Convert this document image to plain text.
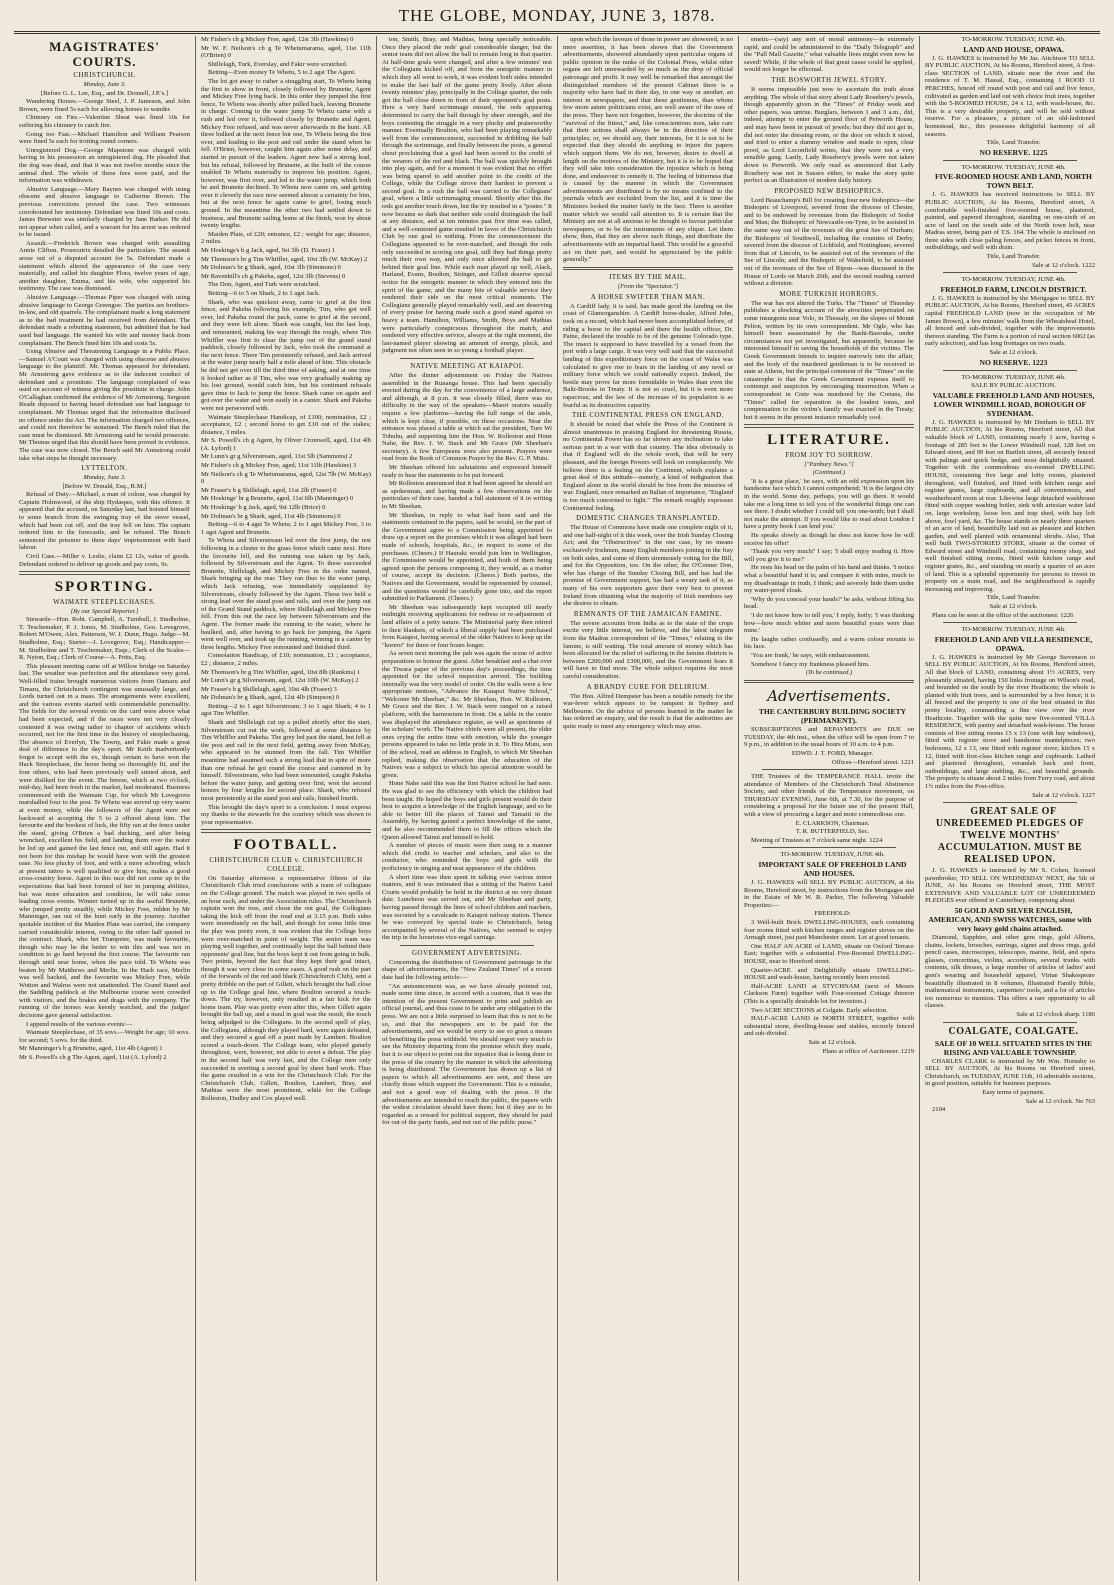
THE GLOBE, MONDAY, JUNE 3, 1878.
MAGISTRATES' COURTS.
CHRISTCHURCH.
Monday, June 3.

[Before G. L. Lee, Esq., and Dr. Donnell, J.P.'s.]

Wandering Horses.—George Steel, J. P. Jameson, and John Brown, were fined 5s each for allowing horses to wander.

Chimney on Fire.—Valentine Sheat was fined 10s for suffering his chimney to catch fire.

Going too Fast.—Michael Hamilton and William Pearson were fined 5s each for trotting round corners.

Unregistered Dog.—George Mapstone was charged with having in his possession an unregistered dog. He pleaded that the dog was dead, and that it was not twelve months since the animal died. The whole of these fees were paid, and the information was withdrawn.

Abusive Language.—Mary Baynes was charged with using obscene and abusive language to Catherine Brown. The previous convictions proved the case. Two witnesses corroborated her testimony. Defendant was fined 10s and costs. James Brewster was similarly charged by Jane Barker. He did not appear when called, and a warrant for his arrest was ordered to be issued.

Assault.—Frederick Brown was charged with assaulting Annie Clifton. Prosecutrix detailed the particulars. The assault arose out of a disputed account for 5s. Defendant made a statement which altered the appearance of the case very materially, and called his daughter Flora, twelve years of age, another daughter, Emma, and his wife, who supported his testimony. The case was dismissed.

Abusive Language.—Thomas Piper was charged with using abusive language to George Greengoe. The parties are brothers-in-law, and old quarrels. The complainant made a long statement as to the bad treatment he had received from defendant. The defendant made a rebutting statement, but admitted that he had used bad language. He wanted his wife and money back from complainant. The Bench fined him 10s and costs 5s.

Using Abusive and Threatening Language in a Public Place.—Samuel A'Court was charged with using obscene and abusive language to the plaintiff. Mr. Thomas appeared for defendant. Mr Armstrong gave evidence as to the indecent conduct of defendant and a prostitute. The language complained of was used on account of witness giving the prostitute in charge. John O'Callaghan confirmed the evidence of Mr Armstrong. Sergeant Reade deposed to having heard defendant use bad language to complainant. Mr Thomas urged that the information disclosed no offence under the Act. The information charged two offences, and could not therefore be sustained. The Bench ruled that the case must be dismissed. Mr Armstrong said he would prosecute. Mr Thomas urged that this should have been proved in evidence. The case was now closed. The Bench said Mr Armstrong could take what steps he thought necessary.

LYTTELTON.
Monday, June 3.

[Before W. Donald, Esq., R.M.]

Refusal of Duty.—Michael, a man of colour, was charged by Captain Holmwood, of the ship Hydaspes, with this offence. It appeared that the accused, on Saturday last, had hoisted himself to some branch from the swinging tray of the stove vessel, which had been cut off, and the tray fell on him. The captain ordered him to the forecastle, and he refused. The Bench sentenced the prisoner to three days' imprisonment with hard labour.

Civil Case.—Miller v. Leslie, claim £2 12s, value of goods. Defendant ordered to deliver up goods and pay costs, 9s.

SPORTING.
WAIMATE STEEPLECHASES.
[By our Special Reporter.]

Stewards—Hon. Robt. Campbell, A. Turnbull, J. Studholme, T. Teschemaker, P. J. Jones, M. Studholme, Geo. Lovegrove, Robert M'Owen, Alex. Patterson, W. J. Dunn, Hugo. Judge—M. Studholme, Esq.; Starter—J. Lovegrove, Esq.; Handicapper—M. Studholme and T. Teschemaker, Esqs.; Clerk of the Scales—R. Nyton, Esq.; Clerk of Course—A. Potts, Esq.

This pleasant meeting came off at Willow bridge on Saturday last. The weather was perfection and the attendance very good. Well-filled trains brought numerous visitors from Oamaru and Timaru, the Christchurch contingent was unusually large, and Lords turned out in a mass. The arrangements were excellent, and the various events started with commendable punctuality. The fields for the several events on the card were above what had been expected, and if the races were not very closely contested it was owing rather to chapter of accidents which occurred, not for the first time in the history of steeplechasing. The absence of Everlyn, The Tawny, and Fakir made a great deal of difference to the day's sport. Mr Keith inadvertently forgot to accept with the ex, though certain to have won the Hack Steeplechase, the horse being so thoroughly fit, and the four others, who had been previously well sinned about, and were disliked for the event. The breeze, which at two o'clock, mid-day, had been fresh in the market, had moderated. Business commenced with the Waimate Cup, for which Mr Lovegrove marshalled four to the post. Te Whetu was served up very warm at even money, while the followers of the Agent were not backward at accepting the 5 to 2 offered about him. The favourite and the bookest of luck, the fifty ran at the fence under the stand, giving O'Brien a bad ducking, and after being wrenched, excellent his field, and landing them over the water he led up and gained the last fence out, and still again. Had it not been for this mishap he would have won with the greatest ease. No less plucky of foot, and with a more schooling, which at present tattoo is well qualified to give him, makes a good cross-country horse. Agent in this race did not come up to the expectations that had been formed of her in jumping abilities, but was more education and condition, he will take some leading cross events. Winner turned up in the useful Brunette, who jumped pretty steadily, while Mickey Free, ridden by Mr Manninger, ran out of the hunt early in the journey. Another quotable incident of the Maiden Plate was carried, the company carried considerable interest, owing to the other half quoted in the contract. Shark, who bet Trumpeter, was made favourite, though who may be the better to win this and was not in condition to go hard beyond the first course. The favourite ran through until near home, when the pace told. Te Whetu was beaten by Mr Matthews and Merlin. In the Hack race, Merlin was well backed, and the favourite was Mickey Free, while Wotton and Walrus were not unattended. The Grand Stand and the Saddling paddock at the Melbourne course were crowded with visitors, and the brakes and drags with the company. The running of the horses was keenly watched, and the judges' decisions gave general satisfaction.

I append results of the various events:—

Waimate Steeplechase, of 35 sovs.—Weight for age; 10 sovs. for second; 5 sovs. for the third.

Mr Manninger's b g Brunette, aged, 11st 4lb (Agent) 1

Mr S. Powell's ch g The Agent, aged, 11st (A. Lyford) 2

Mr Fisher's ch g Mickey Free, aged, 12st 3lb (Hawkins) 0

Mr W. F. Neilson's ch g Te Whetumarama, aged, 11st 11lb (O'Brien) 0

Shillelagh, Turk, Everslay, and Fakir were scratched.

Betting—Even money Te Whetu, 5 to 2 agst The Agent.

The lot got away to rather a straggling start, Te Whetu being the first to show in front, closely followed by Brunette, Agent and Mickey Free lying back. In this order they jumped the first fence, Te Whetu was shortly after pulled back, leaving Brunette in charge. Coming to the water jump Te Whetu came with a rush and led over it, followed closely by Brunette and Agent, Mickey Free refused, and was never afterwards in the hunt. All three bulked at the next fence but one, Te Whetu being the first over, and leading to the post and rail under the stand when he fell. O'Brien, however, caught him again after some delay, and started in pursuit of the leaders. Agent now had a strong lead, but his refusal, followed by Brunette, at the built of the course enabled Te Whetu materially to improve his position. Agent, however, was first over, and led to the water jump, which both he and Brunette declined. Te Whetu now came on, and getting over it cleverly the race now seemed almost a certainty for him, but at the next fence he again came to grief, losing much ground. In the meantime the other two had settled down to business, and Brunette sailing home at the finish, won by about twenty lengths.

Maiden Plate, of £20; entrance, £2 ; weight for age; distance, 2 miles.

Mr Hoskings's b g Jack, aged, 9st 3lb (D. Fraser) 1

Mr Thomson's br g Tim Whiffler, aged, 10st 3lb (W. McKay) 2

Mr Dolman's br g Shark, aged, 10st 3lb (Simmons) 0

Mr Ravenhill's ch g Pakeha, aged, 12st 3lb (Stevens) 0

The Don, Agent, and Turk were scratched.

Betting—6 to 5 on Shark, 2 to 1 agst Jack.

Shark, who was quickest away, came to grief at the first fence, and Pakeha following his example, Tim, who got well over, led Pakeha round the pack, came to grief at the second, and they were left alone. Shark was caught, but the last leap, and remounted, making his way through the rough, where Tim Whiffler was first to clear the jump out of the grand stand paddock, closely followed by Jack, who took the command at the next fence. There Tim persistently refused, and Jack arrived at the water jump nearly half a mile ahead of him. This obstacle he did not get over till the third time of asking, and at one time it looked rather as if Tim, who was very gradually making up his lost ground, would catch him, but his continued refusals gave time to Jack to jump the fence. Shark came on again and got over the water and won easily in a canter. Shark and Pakeha were not persevered with.

Waimate Steeplechase Handicap, of £100; nomination, £2 ; acceptance, £2 ; second horse to get £10 out of the stakes; distance, 3 miles.

Mr S. Powell's ch g Agent, by Oliver Cromwell, aged, 11st 4lb (A. Lyford) 1

Mr Lunn's gr g Silverstream, aged, 11st 5lb (Sammons) 2

Mr Fisher's ch g Mickey Free, aged, 11st 11lb (Hawkins) 3

Mr Neilson's ch g Te Whetumarama, aged, 12st 7lb (W. McKay) 0

Mr Fraser's b g Shillelagh, aged, 11st 2lb (Fraser) 0

Mr Hoskings' br g Brunette, aged, 11st 6lb (Manninger) 0

Mr Hoskings' b g Jack, aged, 9st 12lb (Brice) 0

Mr Dolman's br g Shark, aged, 11st 4lb (Simmons) 0

Betting—6 to 4 agst Te Whetu; 2 to 1 agst Mickey Free, 3 to 1 agst Agent and Brunette.

Te Whetu and Silverstream led over the first jump, the rest following in a cluster to the grass fence which came next. Here the favourite fell, and the running was taken up by Jack, followed by Silverstream and the Agent. To these succeeded Brunette, Shillelagh, and Mickey Free in the order named, Shark bringing up the rear. They ran thus to the water jump, which Jack refusing, was immediately supplanted by Silverstream, closely followed by the Agent. These two held a strong lead over the stand post and rails, and over the jump out of the Grand Stand paddock, where Shillelagh and Mickey Free fell. From this out the race lay between Silverstream and the Agent. The former made the running to the water, where he baulked, and, after having to go back for jumping, the Agent went well over, and took up the running, winning in a canter by three lengths. Mickey Free remounted and finished third.

Consolation Handicap, of £10; nomination, £1 ; acceptance, £2 ; distance, 2 miles.

Mr Thomson's br g Tim Whiffler, aged, 10st 8lb (Rankins) 1

Mr Lunn's gr g Silverstream, aged, 12st 10lb (W. McKay) 2

Mr Fraser's b g Shillelagh, aged, 10st 4lb (Fraser) 3

Mr Dolman's br g Shark, aged, 12st 4lb (Simpson) 0

Betting—2 to 1 agst Silverstream; 3 to 1 agst Shark; 4 to 1 agst Tim Whiffler.

Shark and Shillelagh cut up a pulled shortly after the start, Silverstream cut out the work, followed at some distance by Tim Whiffler and Pakeha. The grey led past the stand, but fell at the post and rail in the next field, getting away from McKay, who appeared to be stunned from the fall. Tim Whiffler meantime had assumed such a strong lead that in spite of more than one refusal he got round the course and cantered in by himself. Silverstream, who had been remounted, caught Pakeha before the water jump, and getting over first, won the second honors by four lengths for second place. Shark, who refused most persistently at the stand post and rails, finished fourth.

This brought the day's sport to a conclusion. I must express my thanks to the stewards for the courtesy which was shown to your representative.

FOOTBALL.
CHRISTCHURCH CLUB v. CHRISTCHURCH COLLEGE.

On Saturday afternoon a representative fifteen of the Christchurch Club tried conclusions with a team of collegians on the College ground. The match was played in two spells of an hour each, and under the Association rules. The Christchurch captain won the toss, and chose the out goal, the Collegians taking the kick off from the road end at 3.15 p.m. Both sides were immediately on the ball, and though for some little time the play was pretty even, it was evident that the College boys were over-matched in point of weight. The senior team was playing well together, and continually kept the ball behind their opponents' goal line, but the boys kept it out from going in bulk. Two points, beyond the fact that they kept their goal intact, though it was very close in some cases. A good rush on the part of the forwards of the red and black (Christchurch Club), sent a pretty dribble on the part of Gillett, which brought the ball close up to the College goal line, where Boulton secured a touch-down. The try, however, only resulted in a fair kick for the home team. Play was pretty even after this, when Gillett again brought the ball up, and a maul in goal was the result, the touch being adjudged to the Collegians. In the second spell of play, the Collegians, although they played hard, were again defeated, and they secured a goal off a punt made by Lambert. Boulton scored a touch-down. The College team, who played gamely throughout, were, however, not able to avert a defeat. The play in the second half was very fast, and the College men only succeeded in averting a second goal by sheer hard work. Thus the game resulted in a win for the Christchurch Club. For the Christchurch Club, Gillett, Boulton, Lambert, Bray, and Mathias were the most prominent, while for the College Rolleston, Dudley and Cox played well.

ton, Smith, Bray, and Mathias, being specially noticeable. Once they placed the reds' goal considerable danger, but the senior team did not allow the ball to remain long in that quarter. At half-time goals were changed, and after a few minutes' rest the Collegians kicked off, and from the energetic manner in which they all went to work, it was evident both sides intended to make the last half of the game pretty lively. After about twenty minutes' play, principally in the College quarter, the reds got the ball close down in front of their opponent's goal posts. Here a very hard scrimmage ensued, the reds appearing determined to carry the ball through by sheer strength, and the boys contesting the struggle in a very plucky and praiseworthy manner. Eventually Boulton, who had been playing remarkably well from the commencement, succeeded in dribbling the ball through the scrimmage, and finally between the posts, a general shout proclaiming that a goal had been scored to the credit of the wearers of the red and black. The ball was quickly brought into play again, and for a moment it was evident that no effort was being spared to add another point to the credit of the College, while the College strove their hardest to prevent a second goal. In a rush the ball was carried to the Collegians' goal, where a little scrimmaging ensued. Shortly after this the reds got another touch down, but the try resulted in a "poster." It now became so dark that neither side could distinguish the ball at any distance, and at ten minutes past five time was called, and a well-contested game resulted in favor of the Christchurch Club by one goal to nothing. From the commencement the Collegians appeared to be over-matched, and though the reds only succeeded in scoring one goal, still they had things pretty much their own way, and only once allowed the ball to get behind their goal line. While each man played up well, Alack, Harland, Evans, Boulton, Stringer, and Gillett deserve special notice for the energetic manner in which they entered into the spirit of the game, and the many bits of valuable service they rendered their side on the most critical moments. The Collegians generally played remarkably well, and are deserving of every praise for having made such a good stand against so heavy a team. Hamilton, Williams, Smith, Boys and Mathias were particularly conspicuous throughout the match, and rendered very effective service, always at the right moment, the last-named player showing an amount of energy, pluck, and judgment not often seen in so young a football player.

NATIVE MEETING AT KAIAPOI.

After the dinner adjournment on Friday the Natives assembled in the Runanga house. This had been specially erected during the day for the convenience of a large audience, and although, at 8 p.m. it was closely filled, there was no difficulty in the way of the speakers—Maori orators usually require a few platforms—having the full range of the aisle, which is kept clear, if possible, on these occasions. Near the entrance was placed a table at which sat the president, Ture Wi Tohuhu, and supporting him the Hon. W. Rolleston and Hone Nahe, the Rev. J. W. Stack and Mr Grace (Mr Sheehan's secretary). A few Europeans were also present. Prayers were read from the Book of Common Prayer by the Rev. G. P. Mutu.

Mr Sheehan offered his salutations and expressed himself ready to hear the statements to be put forward.

Mr Rolleston announced that it had been agreed he should act as spokesman, and having made a few observations on the particulars of their case, handed a full statement of it in writing to Mr Sheehan.

Mr Sheehan, in reply to what had been said and the statements contained in the papers, said he would, on the part of the Government agree to a Commission being appointed to draw up a report on the promises which it was alleged had been made of schools, hospitals, &c., in respect to some of the purchases. (Cheers.) If Hauraki would join him in Wellington, the Commission would be appointed, and both of them being agreed upon the persons composing it, they would, as a matter of course, accept its decision. (Cheers.) Both parties, the Natives and the Government, would be represented by counsel, and the questions would be carefully gone into, and the report submitted to Parliament. (Cheers.)

Mr Sheehan was subsequently kept occupied till nearly midnight receiving applications for redress or re-adjustment of land affairs of a petty nature. The Ministerial party then retired to their blankets, of which a liberal supply had been purchased from Kaiapoi, having several of the older Natives to keep up the "korero" for three or four hours longer.

As seven next morning the pah was again the scene of active preparations to honour the guest. After breakfast and a chat over the Tiwara paper of the previous day's proceedings, the time appointed for the school inspection arrived. The building internally was the very model of order. On the walls were a few appropriate mottoes, "Advance the Kaiapoi Native School," "Welcome Mr Sheehan," &c. Mr Sheehan, Hon. W. Rolleston, Mr Grace and the Rev. J. W. Stack were ranged on a raised platform, with the harmonium in front. On a table in the centre was displayed the attendance register, as well as specimens of the scholars' work. The Native chiefs were all present, the elder ones crying the entire time with emotion, while the younger persons appeared to take no little pride in it. To Hira Mutu, son of the school, read an address in English, to which Mr Sheehan replied, making the observation that the education of the Natives was a subject to which his special attention would be given.

Hone Nahe said this was the first Native school he had seen. He was glad to see the efficiency with which the children had been taught. He hoped the boys and girls present would do their best to acquire a knowledge of the English language, and so be able to better fill the places of Tainui and Tamaiti in the Assembly, by having gained a perfect knowledge of the same, and he also recommended them to fill the offices which the Queen allowed Tainui and himself to hold.

A number of pieces of music were then sung in a manner which did credit to teacher and scholars, and also to the conductor, who reminded the boys and girls with the proficiency in singing and neat appearance of the children.

A short time was then spent in talking over various minor matters, and it was intimated that a sitting of the Native Land Courts would probably be held in the district at no very distant date. Luncheon was served out, and Mr Sheehan and party, having passed through the lines of school children and teachers, was escorted by a cavalcade to Kaiapoi railway station. Thence he was conveyed by special train to Christchurch, being accompanied by several of the Natives, who seemed to enjoy the trip in the luxurious vice-regal carriage.

GOVERNMENT ADVERTISING.

Concerning the distribution of Government patronage in the shape of advertisements, the "New Zealand Times" of a recent date had the following article:—

"An announcement was, as we have already pointed out, made some time since, in accord with a custom, that it was the intention of the present Government to print and publish an official journal, and thus cease to be under any obligation to the press. We are not a little surprised to learn that this is not to be so, and that the newspapers are to be paid for the advertisements, and we would be sorry to see so great a means of benefiting the press withheld. We should regret very much to see the Ministry departing from the promise which they made, but it is our object to point out the injustice that is being done to the press of the country by the manner in which the advertising is being distributed. The Government has drawn up a list of papers to which all advertisements are sent, and these are chiefly those which support the Government. This is a mistake, and not a good way of dealing with the press. If the advertisements are intended to reach the public, the papers with the widest circulation should have them; but if they are to be regarded as a reward for political support, they should be paid for out of the party funds, and not out of the public purse."

upon which the favours of those in power are showered, is no mere assertion, it has been shown that the Government advertisements, showered abundantly upon particular organs of public opinion in the ranks of the Colonial Press, whilst other organs are left unrewarded by so much as the drop of official patronage and profit. It may well be remarked that amongst the distinguished members of the present Cabinet there is a majority who have had in their day, in one way or another, an interest in newspapers, and that these gentlemen, than whom few more astute politicians exist, are well aware of the uses of the press. They have not forgotten, however, the doctrine of the "survival of the fittest," and, like conscientious men, take care that their actions shall always be in the direction of their principles; or, we should say, their interests, for it is not to be expected that they should do anything to injure the papers which support them. We do not, however, desire to dwell at length on the motives of the Ministry, but it is to be hoped that they will take into consideration the injustice which is being done, and endeavour to remedy it. The feeling of bitterness that is caused by the manner in which the Government advertisements are distributed is by no means confined to the journals which are excluded from the list, and it is time the Ministers looked the matter fairly in the face. There is another matter which we would call attention to. It is certain that the Ministry are not at all anxious to be thought to favour particular newspapers, or to be the instruments of any clique. Let them show, then, that they are above such things, and distribute the advertisements with an impartial hand. This would be a graceful act on their part, and would be appreciated by the public generally."

ITEMS BY THE MAIL.
[From the "Spectator."]
A HORSE SWIFTER THAN MAN.

A Cardiff lady, it is said, has made good the landing on the coast of Glamorganshire. A Cardiff horse-dealer, Alfred John, took on a record, which had never been accomplished before, of riding a horse to the capital and there the health officer, Dr. Paine, declared the trouble to be of the genuine Colorado type. The insect is supposed to have travelled by a vessel from the port with a large cargo. It was very well said that the successful landing of this expeditionary force on the coast of Wales was calculated to give rise to fears in the landing of any ravel or military force which we could rationally expect. Indeed, the beetle may prove far more formidable to Wales than even the Balti-Brooks in Treaty. It is not so cruel, but it is even more rapacious; and the law of the increase of its population is as fearful as its destructive capacity.

THE CONTINENTAL PRESS ON ENGLAND.

It should be noted that while the Press of the Continent is almost unanimous in praising England for threatening Russia, no Continental Power has so far shown any inclination to take serious part in a war with that country. The idea obviously is that if England will do the whole work, that will be very pleasant, and the foreign Powers will look on complacently. We believe there is a feeling on the Continent, which explains a great deal of this attitude—namely, a kind of indignation that England alone in the world should be free from the miseries of war. England, once remarked an Italian of importance, "England is too much concerned to fight." The remark roughly expresses Continental feeling.

DOMESTIC CHANGES TRANSPLANTED.

The House of Commons have made one complete night of it, and one half-night of it this week, over the Irish Sunday Closing Act; and the "Obstructives" in the one case, by no means exclusively Irishmen, many English members joining in the fray on both sides, and some of them strenuously voting for the Bill, and for the Opposition, too. On the other, the O'Conner Don, who has charge of the Sunday Closing Bill, and has had the promise of Government support, has had a weary task of it, as many of his own supporters gave their very best to prevent Ireland from obtaining what the majority of Irish members say she desires to obtain.

REMNANTS OF THE JAMAICAN FAMINE.

The severe accounts from India as to the state of the crops excite very little interest, we believe, and the latest telegram from the Madras correspondent of the "Times," relating to the famine, is still waiting. The total amount of money which has been allocated for the relief of suffering in the famine districts is between £200,000 and £300,000, and the Government fears it will have to find more. The whole subject requires the most careful consideration.

A BRANDY CURE FOR DELIRIUM.

The Hon. Alfred Dempster has been a notable remedy for the war-fever which appears to be rampant in Sydney and Melbourne. On the advice of persons learned in the matter he has ordered an enquiry, and the result is that the authorities are quite ready to meet any emergency which may arise.

emetic—(say) any sort of moral antimony—is extremely rapid, and could be administered to the "Daily Telegraph" and the "Pall Mall Gazette," what valuable lives might even now be saved! While, if the whole of that great cause could be applied, would not longer be effectual.

THE BOSWORTH JEWEL STORY.

It seems impossible just now to ascertain the truth about anything. The whole of that story about Lady Rosebery's jewels, though apparently given in the "Times" of Friday week and other papers, was untrue. Burglars, between 1 and 3 a.m., did, indeed, attempt to enter the ground floor of Petworth House, and may have been in pursuit of jewels; but they did not get in, did not enter the dressing room, or the door on which it stood, and tried to enter a dummy window and made to open, clear proof, as Lord Leconfield writes, that they were not a very sensible gang. Lastly, Lady Rosebery's jewels were not taken down to Petworth. We only read as announced that Lady Rosebery was not in Sussex either, to make the story quite perfect as an illustration of modern daily history.

PROPOSED NEW BISHOPRICS.

Lord Beauchamp's Bill for creating four new bishoprics—the Bishopric of Liverpool, severed from the diocese of Chester, and to be endowed by revenues from the Bishopric of Sodor and Man; the Bishopric of Newcastle-on-Tyne, to be assisted in the same way out of the revenues of the great See of Durham; the Bishopric of Southwell, including the counties of Derby, severed from the diocese of Lichfield, and Nottingham, severed from that of Lincoln, to be assisted out of the revenues of the See of Lincoln; and the Bishopric of Wakefield, to be assisted out of the revenues of the See of Ripon—was discussed in the House of Lords on March 26th, and the second reading carried without a division.

MORE TURKISH HORRORS.

The war has not altered the Turks. The "Times" of Thursday publishes a shocking account of the atrocities perpetrated on some insurgents near Volo, in Thessaly, on the slopes of Mount Pelion, written by its own correspondent. Mr Ogle, who has himself been assassinated by the Bashi-Bazouks, under circumstances not yet investigated, but apparently, because he interested himself in saving the households of the victims. The Greek Government intends to inquire narrowly into the affair, and the body of the murdered gentleman is to be received in state at Athens, but the principal comment of the "Times" on the catastrophe is that the Greek Government exposes itself to contempt and suspicion by encouraging insurrection. When a correspondent in Crete was murdered by the Cretans, the "Times" called for reparation in the loudest tones, and compensation to the victim's family was exacted in the Treaty, but it seems in the present instance remarkably cool.

LITERATURE.
FROM JOY TO SORROW.
["Panbury News."]
(Continued.)

'It is a great place,' he says, with an odd expression upon his handsome face which I cannot comprehend; 'It is the largest city in the world. Some day, perhaps, you will go there. It would take me a long time to tell you of the wonderful things one can see there. I doubt whether I could tell you one-tenth; but I shall not make the attempt. If you would like to read about London I have a pretty book I can lend you.'

He speaks slowly as though he does not know how he will receive his offer!

'Thank you very much!' I say; 'I shall enjoy reading it. How will you give it to me?'

He rests his head on the palm of his hand and thinks. 'I notice what a beautiful hand it is; and compare it with mine, much to my disadvantage in truth, I think; and severely hide them under my water-proof cloak.

'Why do you conceal your hands?' he asks, without lifting his head.

'I do not know how to tell you,' I reply, hotly; 'I was thinking how—how much whiter and more beautiful yours were than mine.'

He laughs rather confusedly, and a warm colour mounts to his face.

'You are frank,' he says, with embarrassment.

Somehow I fancy my frankness pleased him.

(To be continued.)
Advertisements.

THE CANTERBURY BUILDING SOCIETY (PERMANENT).

SUBSCRIPTIONS and REPAYMENTS are DUE on TUESDAY, the 4th inst., when the office will be open from 7 to 9 p.m., in addition to the usual hours of 10 a.m. to 4 p.m.

EDWD. J. T. FORD, Manager.

Offices—Hereford street. 1221

THE Trustees of the TEMPERANCE HALL invite the attendance of Members of the Christchurch Total Abstinence Society, and other friends of the Temperance movement, on THURSDAY EVENING, June 6th, at 7.30, for the purpose of considering a proposal for the future use of the present Hall, with a view of procuring a larger and more commodious one.

E. CLARKSON, Chairman.

T. R. BUTTERFIELD, Sec.

Meeting of Trustees at 7 o'clock same night. 1224

TO-MORROW. TUESDAY, JUNE 4th.

IMPORTANT SALE OF FREEHOLD LAND AND HOUSES.

J. G. HAWKES will SELL BY PUBLIC AUCTION, at his Rooms, Hereford street, by instructions from the Mortgagee and in the Estate of Mr W. R. Parker, The following Valuable Properties:—

FREEHOLD:

3 Well-built Brick DWELLING-HOUSES, each containing four rooms fitted with kitchen ranges and register stoves on the Armagh street, just past Manchester street. Let at good tenants.

One HALF AN ACRE of LAND, situate on Oxford Terrace East; together with a substantial Five-Roomed DWELLING-HOUSE, near to Hereford street.

Quarter-ACRE and Delightfully situate DWELLING-HOUSE and wash-house, having recently been erected.

Half-ACRE LAND at STYCHNAM (next of Messrs Clarkson Farm) together with Four-roomed Cottage thereon (This is a specially desirable lot for investors.)

Two ACRE SECTIONS at Colgate. Early selection.

HALF-ACRE LAND in NORTH STREET, together with substantial stone, dwelling-house and stables, securely fenced and sub-divided.

Sale at 12 o'clock.

Plans at office of Auctioneer. 1219

TO-MORROW. TUESDAY, JUNE 4th.

LAND AND HOUSE, OPAWA.

J. G. HAWKES is instructed by Mr Jas. Aitchison TO SELL BY PUBLIC AUCTION, At his Rooms, Hereford street, A first-class SECTION of LAND, situate near the river and the residence of T. M. Hassal, Esq., containing 1 ROOD 11 PERCHES, fenced off round with post and rail and live fence, cultivated as garden and laid out with choice fruit trees, together with the 5-ROOMED HOUSE, 24 x 12, with wash-house, &c. This is a very desirable property, and will be sold without reserve. For a pleasure, a picture of an old-fashioned homestead, &c., this possesses delightful harmony of all seasons.

Title, Land Transfer.

NO RESERVE. 1225

TO-MORROW. TUESDAY, JUNE 4th.

FIVE-ROOMED HOUSE AND LAND, NORTH TOWN BELT.

J. G. HAWKES has received instructions to SELL BY PUBLIC AUCTION, At his Rooms, Hereford street, A comfortable well-finished five-roomed house, plastered, painted, and papered throughout, standing on one-sixth of an acre of land on the south side of the North town belt, near Madras street, being part of T.S. 164. The whole is enclosed on three sides with close paling fences, and picket fences in front, outbuildings, and well with drain.

Title, Land Transfer.

Sale at 12 o'clock. 1222

TO-MORROW. TUESDAY, JUNE 4th.

FREEHOLD FARM, LINCOLN DISTRICT.

J. G. HAWKES is instructed by the Mortgagee to SELL BY PUBLIC AUCTION, At his Rooms, Hereford street, 45 ACRES capital FREEHOLD LAND (now in the occupation of Mr James Brown), a few minutes' walk from the Wheatsheaf Hotel, all fenced and sub-divided, together with the improvements thereon standing. The Farm is a portion of rural section 6062 (as early selection), and has long frontages on two roads.

Sale at 12 o'clock.

NO RESERVE. 1223

TO-MORROW. TUESDAY, JUNE 4th.

SALE BY PUBLIC AUCTION.

VALUABLE FREEHOLD LAND AND HOUSES, LOWER WINDMILL ROAD, BOROUGH OF SYDENHAM.

J. G. HAWKES is instructed by Mr Denham to SELL BY PUBLIC AUCTION, At his Rooms, Hereford street, All that valuable block of LAND, containing nearly 1 acre, having a frontage of 285 feet to the Lower Windmill road, 128 feet on Edward street, and 99 feet on Bartlett street, all securely fenced with palings and quick hedge, and most delightfully situated. Together with the commodious six-roomed DWELLING HOUSE, containing five large and lofty rooms, plastered throughout, well finished, and fitted with kitchen range and register grates, large cupboards, and all conveniences, and weatherboard room at rear. Likewise large detached washhouse fitted with copper washing boiler, sink with artesian water laid on, large workshop, loose box and trap shed, with hay loft above, fowl yard, &c. The house stands on nearly three quarters of an acre of land, beautifully laid out as pleasure and kitchen garden, and well planted with ornamental shrubs. Also, That well built TWO-STORIED STORE, situate at the corner of Edward street and Windmill road, containing roomy shop, and well finished sitting rooms, fitted with kitchen range and register grates, &c., and standing on nearly a quarter of an acre of land. This is a splendid opportunity for persons to invest in property on a main road, and the neighbourhood is rapidly increasing and improving.

Title, Land Transfer.

Sale at 12 o'clock.

Plans can be seen at the office of the auctioneer. 1226

TO-MORROW. TUESDAY, JUNE 4th.

FREEHOLD LAND AND VILLA RESIDENCE, OPAWA.

J. G. HAWKES is instructed by Mr George Stevenson to SELL BY PUBLIC AUCTION, At his Rooms, Hereford street, All that block of LAND, containing about 1½ ACRES, very pleasantly situated, having 150 links frontage on Wilson's road, and bounded on the south by the river Heathcote; the whole is planted with fruit trees, and is surrounded by a live fence; it is all fenced and the property is one of the best situated in this pretty locality, commanding a fine view over the river Heathcote. Together with the quite new five-roomed VILLA RESIDENCE, with pantry and detached wash-house. The house consists of five sitting rooms 15 x 13 (one with bay windows), fitted with register stove and handsome mantelpieces; two bedrooms, 12 x 13, one fitted with register stove; kitchen 15 x 12, fitted with first-class kitchen range and cupboards. Lathed and plastered throughout, verandah back and front, outbuildings, and large stabling, &c., and beautiful grounds. The property is situate about 2 miles from Ferry road, and about 1½ miles from the Post-office.

Sale at 12 o'clock. 1227

GREAT SALE OF UNREDEEMED PLEDGES OF TWELVE MONTHS' ACCUMULATION. MUST BE REALISED UPON.

J. G. HAWKES is instructed by Mr S. Cohen, licensed pawnbroker, TO SELL ON WEDNESDAY NEXT, the 5th of JUNE, At his Rooms on Hereford street, THE MOST EXTENSIVE AND VALUABLE LOT OF UNREDEEMED PLEDGES ever offered in Canterbury, comprising about

50 GOLD AND SILVER ENGLISH, AMERICAN, AND SWISS WATCHES, some with very heavy gold chains attached.

Diamond, Sapphire, and other gem rings, gold Alberts, chains, lockets, brooches, earrings, signet and dress rings, gold pencil cases, microscopes, telescopes, marine, field, and opera glasses, concertinas, violins, accordions, several trunks with contents, silk dresses, a large number of articles of ladies' and gent's wearing and household apparel, Virtue Shakespeare beautifully illustrated in 8 volumes, Illustrated Family Bible, mathematical instruments, carpenters' tools, and a lot of articles too numerous to mention. This offers a rare opportunity to all classes.

Sale at 12 o'clock sharp. 1186

COALGATE, COALGATE.

SALE OF 10 WELL SITUATED SITES IN THE RISING AND VALUABLE TOWNSHIP.

CHARLES CLARK is instructed by Mr Wm. Hornsby to SELL BY AUCTION, At his Rooms on Hereford street, Christchurch, on TUESDAY, JUNE 11th, 10 admirable sections, in good position, suitable for business purposes.

Easy terms of payment.

Sale at 12 o'clock. No 763

2104
